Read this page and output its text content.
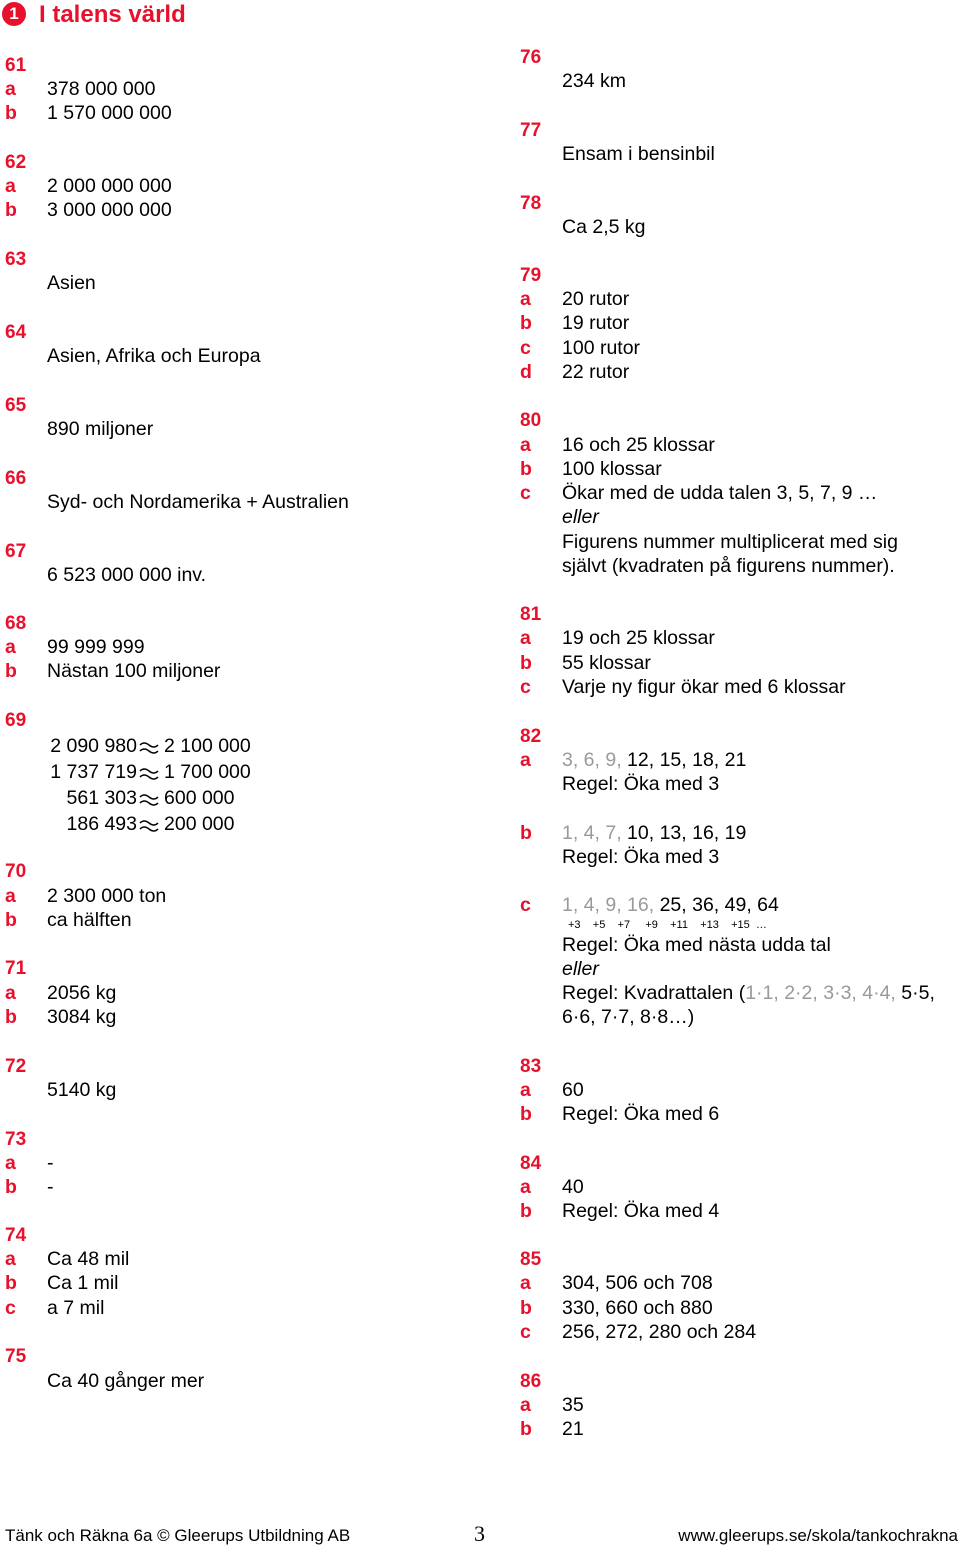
1 I talens värld
61
a 378 000 000
b 1 570 000 000
62
a 2 000 000 000
b 3 000 000 000
63
Asien
64
Asien, Afrika och Europa
65
890 miljoner
66
Syd- och Nordamerika + Australien
67
6 523 000 000 inv.
68
a 99 999 999
b Nästan 100 miljoner
69
2 090 980 2 100 000
1 737 719 1 700 000
561 303 600 000
186 493 200 000
70
a 2 300 000 ton
b ca hälften
71
a 2056 kg
b 3084 kg
72
5140 kg
73
a -
b -
74
a Ca 48 mil
b Ca 1 mil
c a 7 mil
75
Ca 40 gånger mer
76
234 km
77
Ensam i bensinbil
78
Ca 2,5 kg
79
a 20 rutor
b 19 rutor
c 100 rutor
d 22 rutor
80
a 16 och 25 klossar
b 100 klossar
c Ökar med de udda talen 3, 5, 7, 9 …
eller
Figurens nummer multiplicerat med sig
självt (kvadraten på figurens nummer).
81
a 19 och 25 klossar
b 55 klossar
c Varje ny figur ökar med 6 klossar
82
a 3, 6, 9, 12, 15, 18, 21
Regel: Öka med 3
b 1, 4, 7, 10, 13, 16, 19
Regel: Öka med 3
c 1, 4, 9, 16, 25, 36, 49, 64
+3    +5    +7     +9    +11    +13    +15  …
Regel: Öka med nästa udda tal
eller
Regel: Kvadrattalen (1·1, 2·2, 3·3, 4·4, 5·5,
6·6, 7·7, 8·8…)
83
a 60
b Regel: Öka med 6
84
a 40
b Regel: Öka med 4
85
a 304, 506 och 708
b 330, 660 och 880
c 256, 272, 280 och 284
86
a 35
b 21
Tänk och Räkna 6a © Gleerups Utbildning AB	3	www.gleerups.se/skola/tankochrakna
